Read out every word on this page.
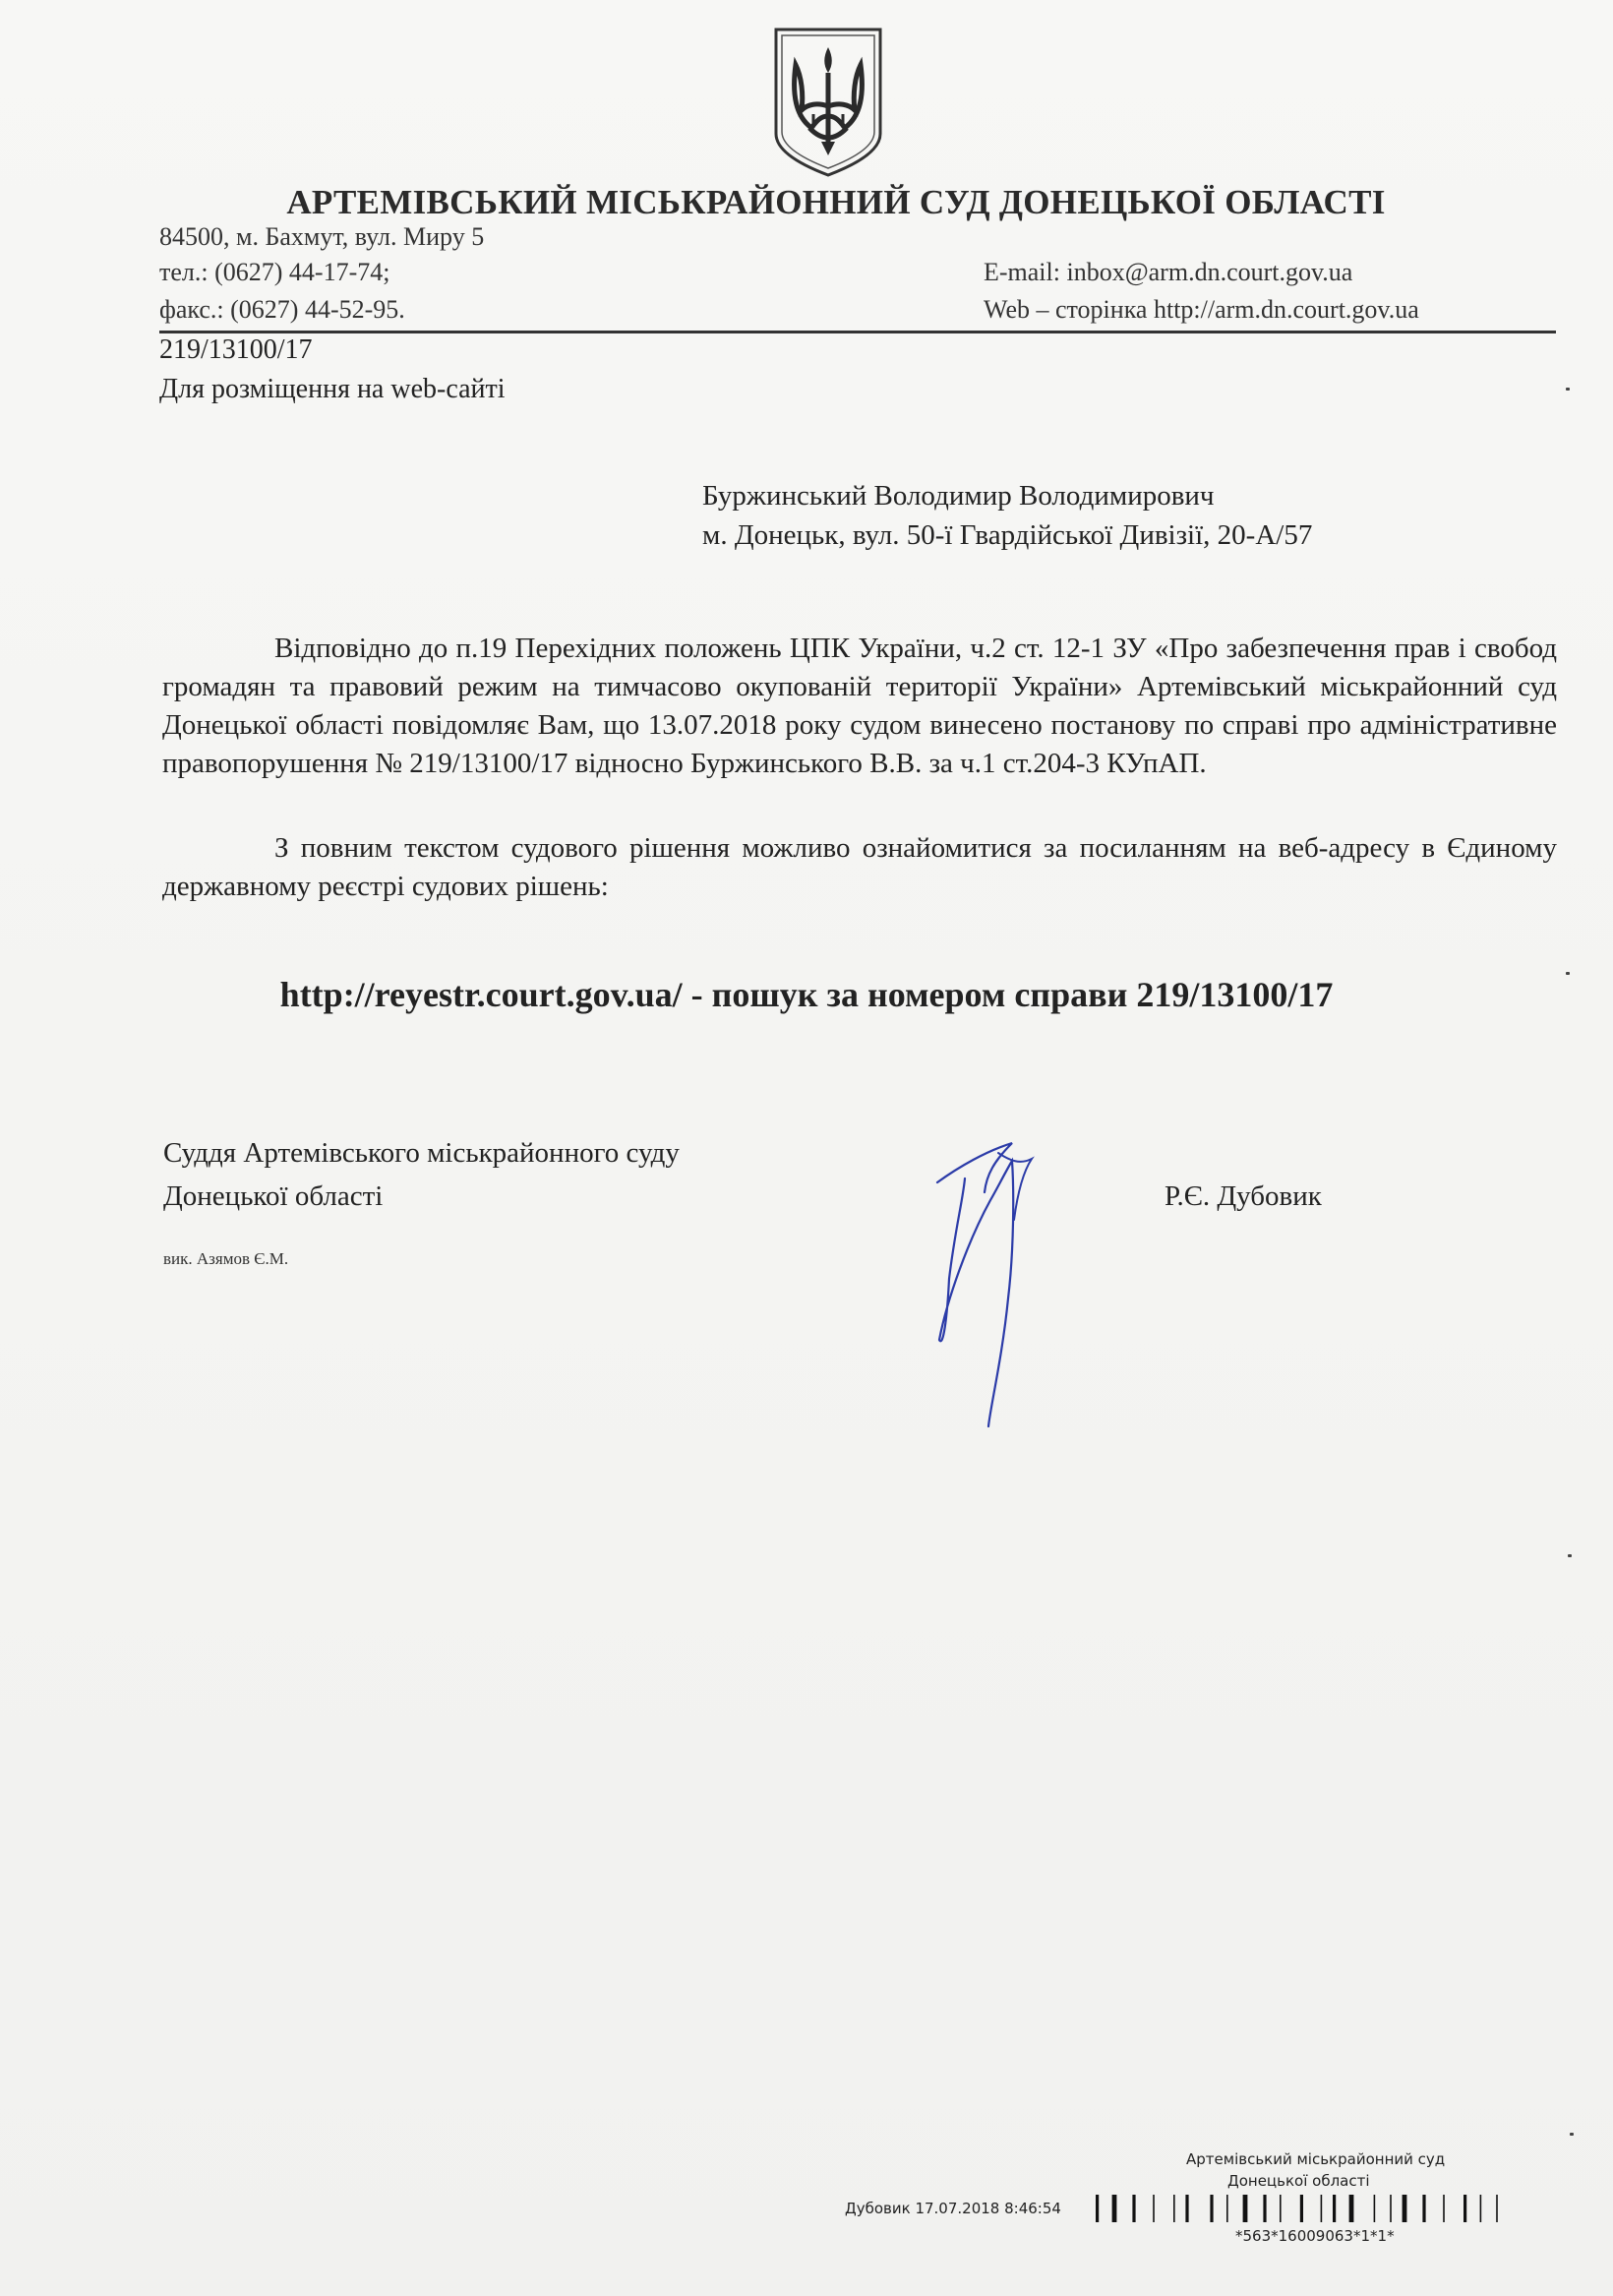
АРТЕМІВСЬКИЙ МІСЬКРАЙОННИЙ СУД ДОНЕЦЬКОЇ ОБЛАСТІ
84500, м. Бахмут, вул. Миру 5
тел.: (0627) 44-17-74;
факс.: (0627) 44-52-95.
E-mail: inbox@arm.dn.court.gov.ua
Web – сторінка http://arm.dn.court.gov.ua
219/13100/17
Для розміщення на web-сайті
Буржинський Володимир Володимирович
м. Донецьк, вул. 50-ї Гвардійської Дивізії, 20-А/57
Відповідно до п.19 Перехідних положень ЦПК України, ч.2 ст. 12-1 ЗУ «Про забезпечення прав і свобод громадян та правовий режим на тимчасово окупованій території України» Артемівський міськрайонний суд Донецької області повідомляє Вам, що 13.07.2018 року судом винесено постанову по справі про адміністративне правопорушення № 219/13100/17 відносно Буржинського В.В. за ч.1 ст.204-3 КУпАП.
З повним текстом судового рішення можливо ознайомитися за посиланням на веб-адресу в Єдиному державному реєстрі судових рішень:
http://reyestr.court.gov.ua/ - пошук за номером справи 219/13100/17
Суддя Артемівського міськрайонного суду
Донецької області	Р.Є. Дубовик
вик. Азямов Є.М.
Артемівський міськрайонний суд
Донецької області
Дубовик 17.07.2018 8:46:54
*563*16009063*1*1*
